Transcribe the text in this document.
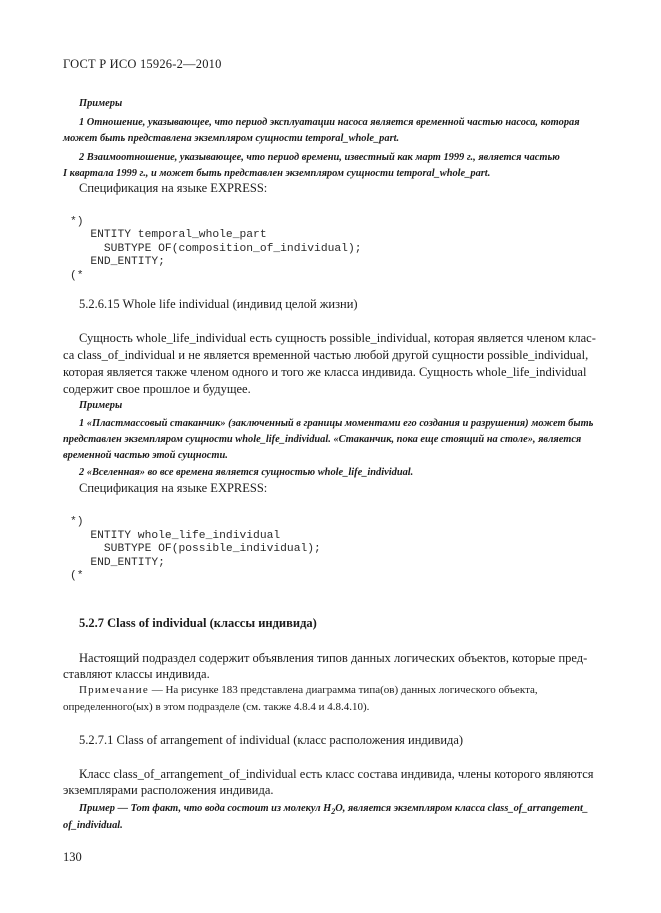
ГОСТ Р ИСО 15926-2—2010
Примеры
1 Отношение, указывающее, что период эксплуатации насоса является временной частью насоса, которая
может быть представлена экземпляром сущности temporal_whole_part.
2 Взаимоотношение, указывающее, что период времени, известный как март 1999 г., является частью
I квартала 1999 г., и может быть представлен экземпляром сущности temporal_whole_part.
Спецификация на языке EXPRESS:
*)
ENTITY temporal_whole_part
SUBTYPE OF(composition_of_individual);
END_ENTITY;
(*
5.2.6.15 Whole life individual (индивид целой жизни)
Сущность whole_life_individual есть сущность possible_individual, которая является членом клас-
са class_of_individual и не является временной частью любой другой сущности possible_individual,
которая является также членом одного и того же класса индивида. Сущность whole_life_individual
содержит свое прошлое и будущее.
Примеры
1 «Пластмассовый стаканчик» (заключенный в границы моментами его создания и разрушения) может быть
представлен экземпляром сущности whole_life_individual. «Стаканчик, пока еще стоящий на столе», является
временной частью этой сущности.
2 «Вселенная» во все времена является сущностью whole_life_individual.
Спецификация на языке EXPRESS:
*)
ENTITY whole_life_individual
SUBTYPE OF(possible_individual);
END_ENTITY;
(*
5.2.7 Class of individual (классы индивида)
Настоящий подраздел содержит объявления типов данных логических объектов, которые пред-
ставляют классы индивида.
Примечание — На рисунке 183 представлена диаграмма типа(ов) данных логического объекта,
определенного(ых) в этом подразделе (см. также 4.8.4 и 4.8.4.10).
5.2.7.1 Class of arrangement of individual (класс расположения индивида)
Класс class_of_arrangement_of_individual есть класс состава индивида, члены которого являются
экземплярами расположения индивида.
Пример — Тот факт, что вода состоит из молекул $Н_2О$, является экземпляром класса class_of_arrangement_
of_individual.
130
